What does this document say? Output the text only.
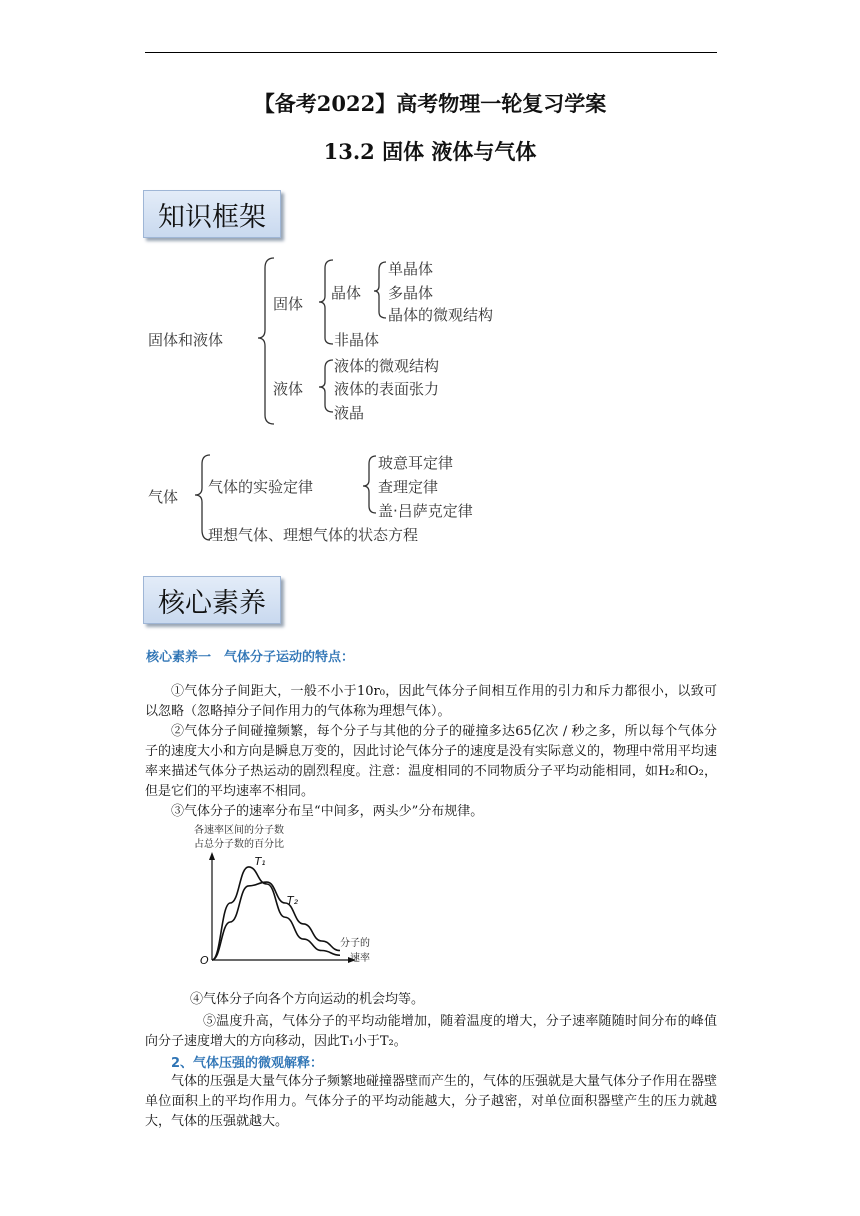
【备考2022】高考物理一轮复习学案
13.2 固体 液体与气体
知识框架
固体和液体
固体
晶体
单晶体
多晶体
晶体的微观结构
非晶体
液体
液体的微观结构
液体的表面张力
液晶
气体
气体的实验定律
玻意耳定律
查理定律
盖·吕萨克定律
理想气体、理想气体的状态方程
核心素养
核心素养一　气体分子运动的特点：
①气体分子间距大，一般不小于10r₀，因此气体分子间相互作用的引力和斥力都很小，以致可以忽略（忽略掉分子间作用力的气体称为理想气体）。
②气体分子间碰撞频繁，每个分子与其他的分子的碰撞多达65亿次 / 秒之多，所以每个气体分子的速度大小和方向是瞬息万变的，因此讨论气体分子的速度是没有实际意义的，物理中常用平均速率来描述气体分子热运动的剧烈程度。注意：温度相同的不同物质分子平均动能相同，如H₂和O₂，但是它们的平均速率不相同。
③气体分子的速率分布呈“中间多，两头少”分布规律。
各速率区间的分子数
占总分子数的百分比
O
分子的
速率
T₁
T₂
④气体分子向各个方向运动的机会均等。
⑤温度升高，气体分子的平均动能增加，随着温度的增大，分子速率随随时间分布的峰值向分子速度增大的方向移动，因此T₁小于T₂。
2、气体压强的微观解释：
气体的压强是大量气体分子频繁地碰撞器壁而产生的，气体的压强就是大量气体分子作用在器壁单位面积上的平均作用力。气体分子的平均动能越大，分子越密，对单位面积器壁产生的压力就越大，气体的压强就越大。
